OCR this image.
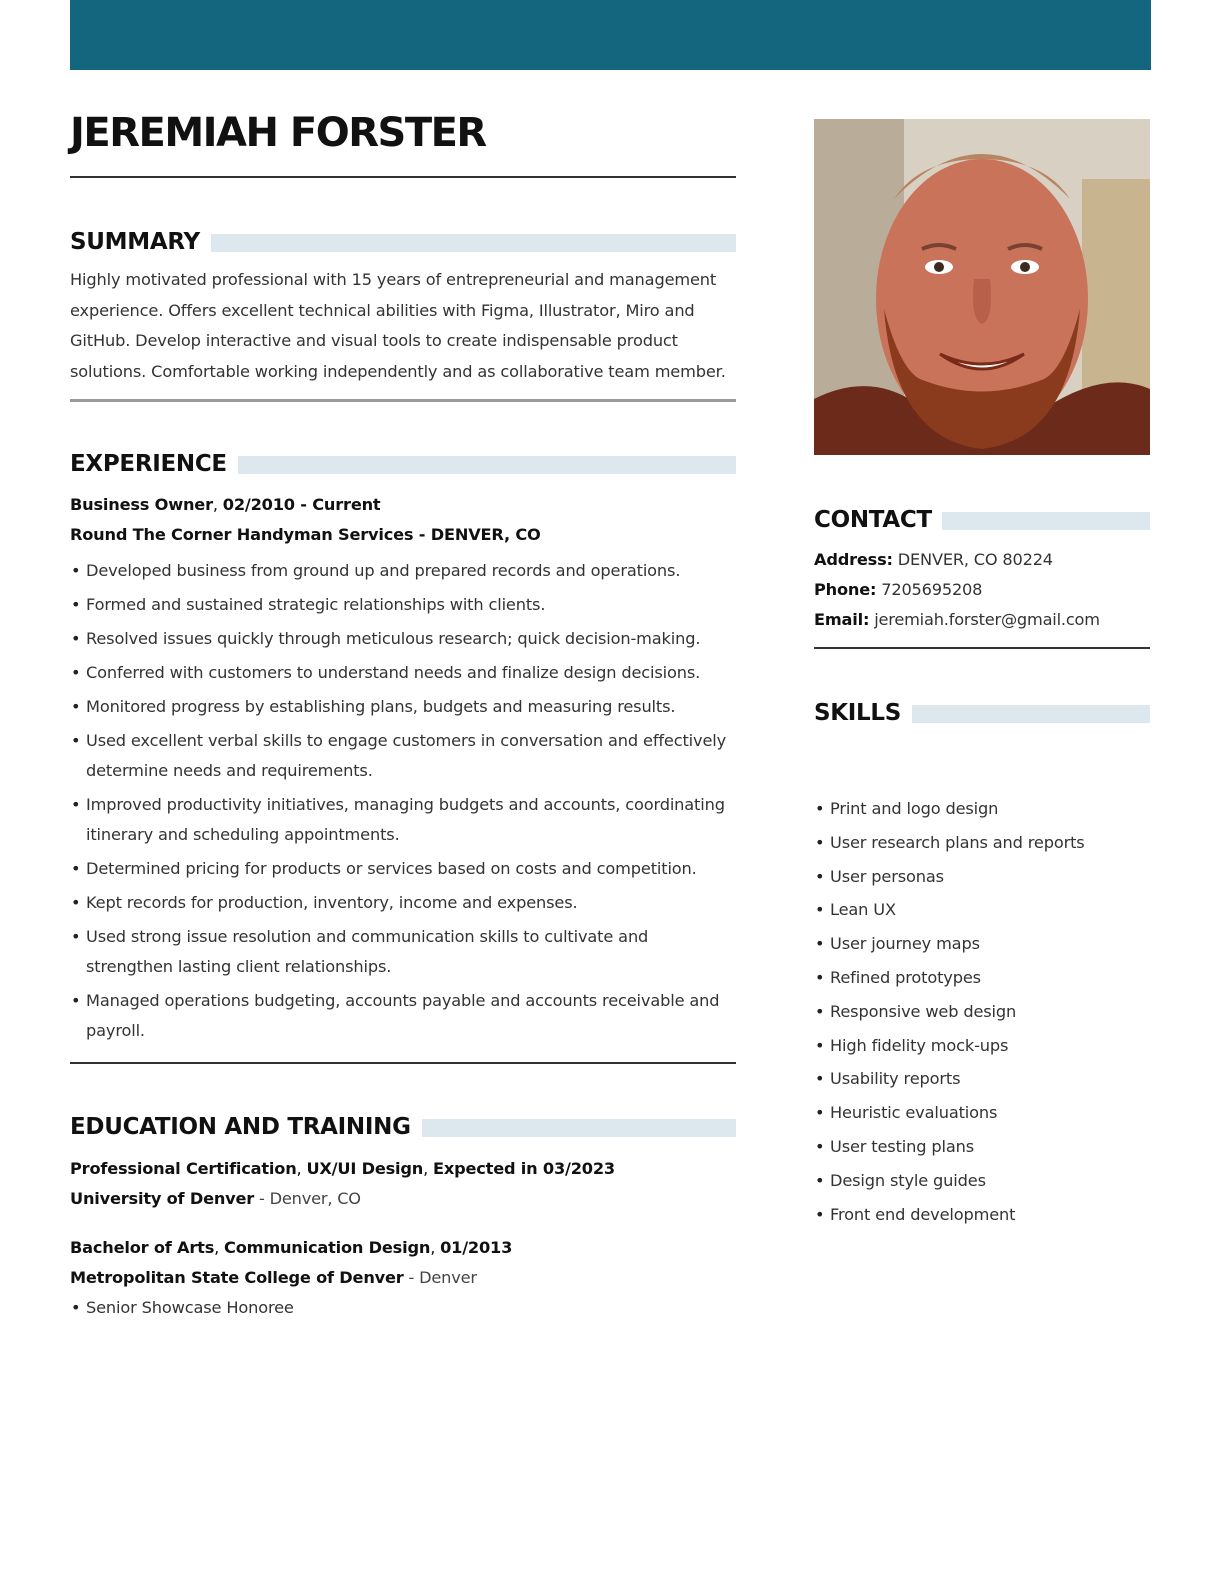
JEREMIAH FORSTER
SUMMARY

Highly motivated professional with 15 years of entrepreneurial and management experience. Offers excellent technical abilities with Figma, Illustrator, Miro and GitHub. Develop interactive and visual tools to create indispensable product solutions. Comfortable working independently and as collaborative team member.

EXPERIENCE
Business Owner, 02/2010 - Current
Round The Corner Handyman Services - DENVER, CO
• Developed business from ground up and prepared records and operations.
• Formed and sustained strategic relationships with clients.
• Resolved issues quickly through meticulous research; quick decision-making.
• Conferred with customers to understand needs and finalize design decisions.
• Monitored progress by establishing plans, budgets and measuring results.
• Used excellent verbal skills to engage customers in conversation and effectively determine needs and requirements.
• Improved productivity initiatives, managing budgets and accounts, coordinating itinerary and scheduling appointments.
• Determined pricing for products or services based on costs and competition.
• Kept records for production, inventory, income and expenses.
• Used strong issue resolution and communication skills to cultivate and strengthen lasting client relationships.
• Managed operations budgeting, accounts payable and accounts receivable and payroll.
EDUCATION AND TRAINING
Professional Certification, UX/UI Design, Expected in 03/2023
University of Denver - Denver, CO
Bachelor of Arts, Communication Design, 01/2013
Metropolitan State College of Denver - Denver
• Senior Showcase Honoree
CONTACT
Address: DENVER, CO 80224
Phone: 7205695208
Email: jeremiah.forster@gmail.com
SKILLS
• Print and logo design
• User research plans and reports
• User personas
• Lean UX
• User journey maps
• Refined prototypes
• Responsive web design
• High fidelity mock-ups
• Usability reports
• Heuristic evaluations
• User testing plans
• Design style guides
• Front end development
